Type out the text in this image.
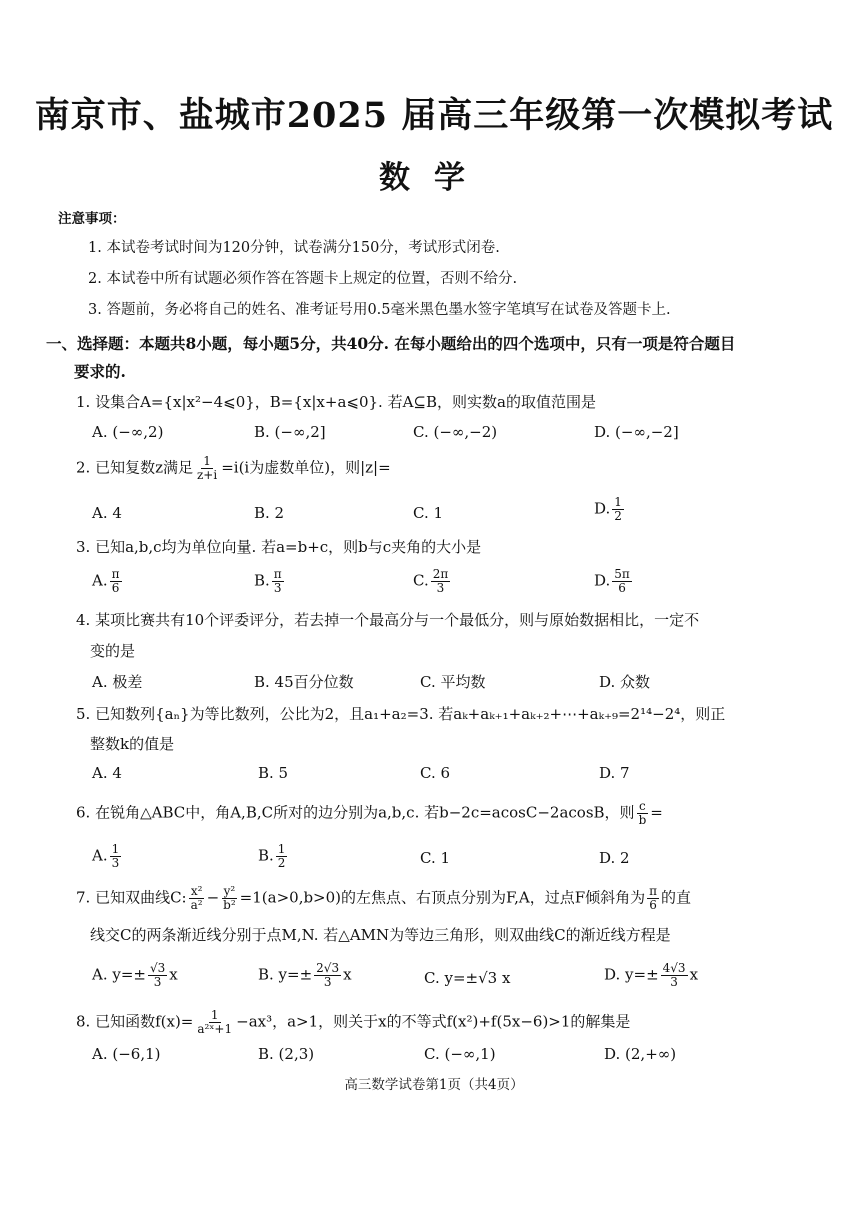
南京市、盐城市2025 届高三年级第一次模拟考试
数学
注意事项：
1. 本试卷考试时间为120分钟，试卷满分150分，考试形式闭卷.
2. 本试卷中所有试题必须作答在答题卡上规定的位置，否则不给分.
3. 答题前，务必将自己的姓名、准考证号用0.5毫米黑色墨水签字笔填写在试卷及答题卡上.
一、选择题：本题共8小题，每小题5分，共40分. 在每小题给出的四个选项中，只有一项是符合题目
要求的.
1. 设集合A={x|x²−4⩽0}，B={x|x+a⩽0}. 若A⊆B，则实数a的取值范围是
A. (−∞,2)	B. (−∞,2]	C. (−∞,−2)	D. (−∞,−2]
2. 已知复数z满足 $\frac{1}{z+i} =i(i$为虚数单位)，则|z|=
A. 4	B. 2	C. 1	D. $\frac{1}{2}$
3. 已知a,b,c均为单位向量. 若a=b+c，则b与c夹角的大小是
A. $\frac{\pi}{6}$	B. $\frac{\pi}{3}$	C. $\frac{2\pi}{3}$	D. $\frac{5\pi}{6}$
4. 某项比赛共有10个评委评分，若去掉一个最高分与一个最低分，则与原始数据相比，一定不
变的是
A. 极差	B. 45百分位数	C. 平均数	D. 众数
5. 已知数列{aₙ}为等比数列，公比为2，且a₁+a₂=3. 若aₖ+aₖ₊₁+aₖ₊₂+⋯+aₖ₊₉=2¹⁴−2⁴，则正
整数k的值是
A. 4	B. 5	C. 6	D. 7
6. 在锐角△ABC中，角A,B,C所对的边分别为a,b,c. 若b−2c=acosC−2acosB，则 $\frac{c}{b}$ =
A. $\frac{1}{3}$	B. $\frac{1}{2}$	C. 1	D. 2
7. 已知双曲线C: $\frac{\text{x²}}{\text{a²}} - \frac{\text{y²}}{\text{b²}} =1(a>0,b>0)$的左焦点、右顶点分别为F,A，过点F倾斜角为 $\frac{\pi}{6}$ 的直
线交C的两条渐近线分别于点M,N. 若△AMN为等边三角形，则双曲线C的渐近线方程是
A. $y=\pm \frac{√3}{3}$ x	B. $y=\pm \frac{2√3}{3}$ x	C. y=±√3 x	D. $y=\pm \frac{4√3}{3}$ x
8. 已知函数$f(x)= \frac{1}{\text{a²ˣ+1}} -ax^3$，a>1，则关于x的不等式f(x²)+f(5x−6)>1的解集是
A. (−6,1)	B. (2,3)	C. (−∞,1)	D. (2,+∞)
高三数学试卷第1页（共4页）
